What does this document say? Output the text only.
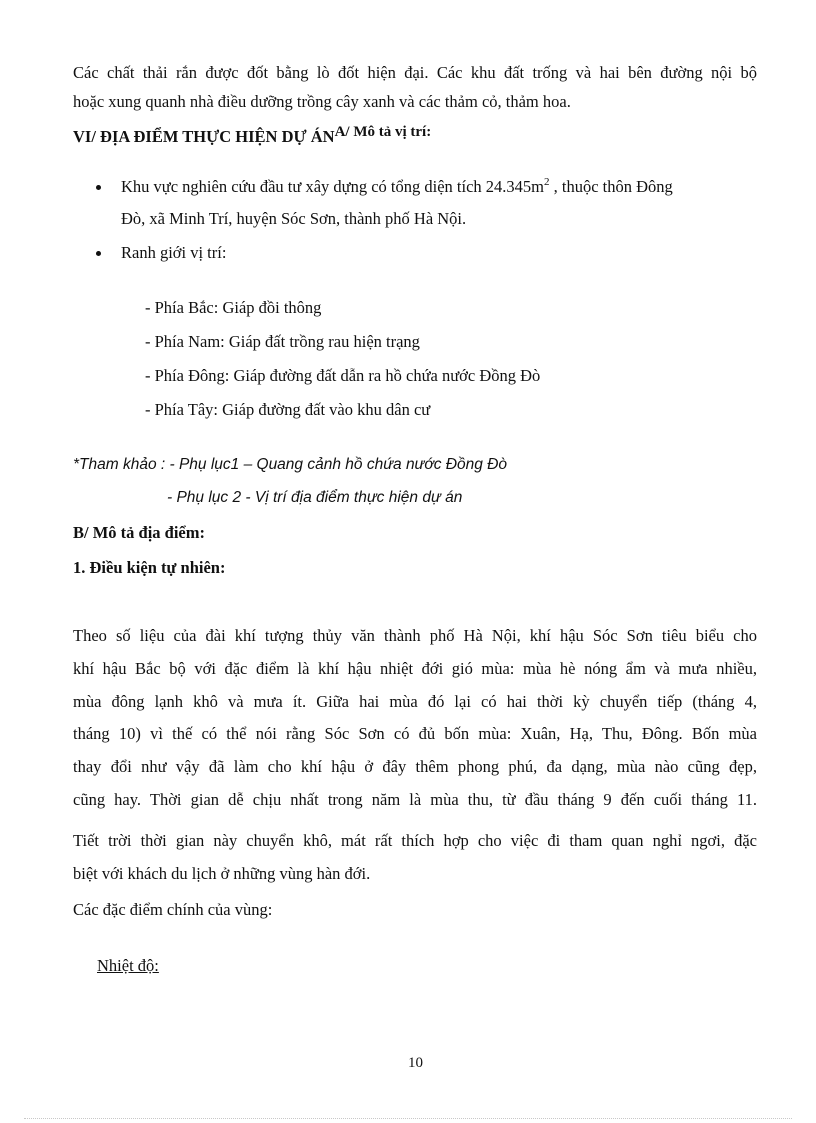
Các chất thải rắn được đốt bằng lò đốt hiện đại. Các khu đất trống và hai bên đường nội bộ
hoặc xung quanh nhà điều dưỡng trồng cây xanh và các thảm cỏ, thảm hoa.
VI/ ĐỊA ĐIỂM THỰC HIỆN DỰ ÁNA/ Mô tả vị trí:
Khu vực nghiên cứu đầu tư xây dựng có tổng diện tích $24.345m^2$ , thuộc thôn Đông
Đò, xã Minh Trí, huyện Sóc Sơn, thành phố Hà Nội.
Ranh giới vị trí:
- Phía Bắc: Giáp đồi thông
- Phía Nam: Giáp đất trồng rau hiện trạng
- Phía Đông: Giáp đường đất dẫn ra hồ chứa nước Đồng Đò
- Phía Tây: Giáp đường đất vào khu dân cư
*Tham khảo : - Phụ lục1 – Quang cảnh hồ chứa nước Đồng Đò
- Phụ lục 2 - Vị trí địa điểm thực hiện dự án
B/ Mô tả địa điểm:
1. Điều kiện tự nhiên:
Theo số liệu của đài khí tượng thủy văn thành phố Hà Nội, khí hậu Sóc Sơn tiêu biểu cho
khí hậu Bắc bộ với đặc điểm là khí hậu nhiệt đới gió mùa: mùa hè nóng ẩm và mưa nhiều,
mùa đông lạnh khô và mưa ít. Giữa hai mùa đó lại có hai thời kỳ chuyển tiếp (tháng 4,
tháng 10) vì thế có thể nói rằng Sóc Sơn có đủ bốn mùa: Xuân, Hạ, Thu, Đông. Bốn mùa
thay đổi như vậy đã làm cho khí hậu ở đây thêm phong phú, đa dạng, mùa nào cũng đẹp,
cũng hay. Thời gian dễ chịu nhất trong năm là mùa thu, từ đầu tháng 9 đến cuối tháng 11.
Tiết trời thời gian này chuyển khô, mát rất thích hợp cho việc đi tham quan nghỉ ngơi, đặc
biệt với khách du lịch ở những vùng hàn đới.
Các đặc điểm chính của vùng:
Nhiệt độ:
10
